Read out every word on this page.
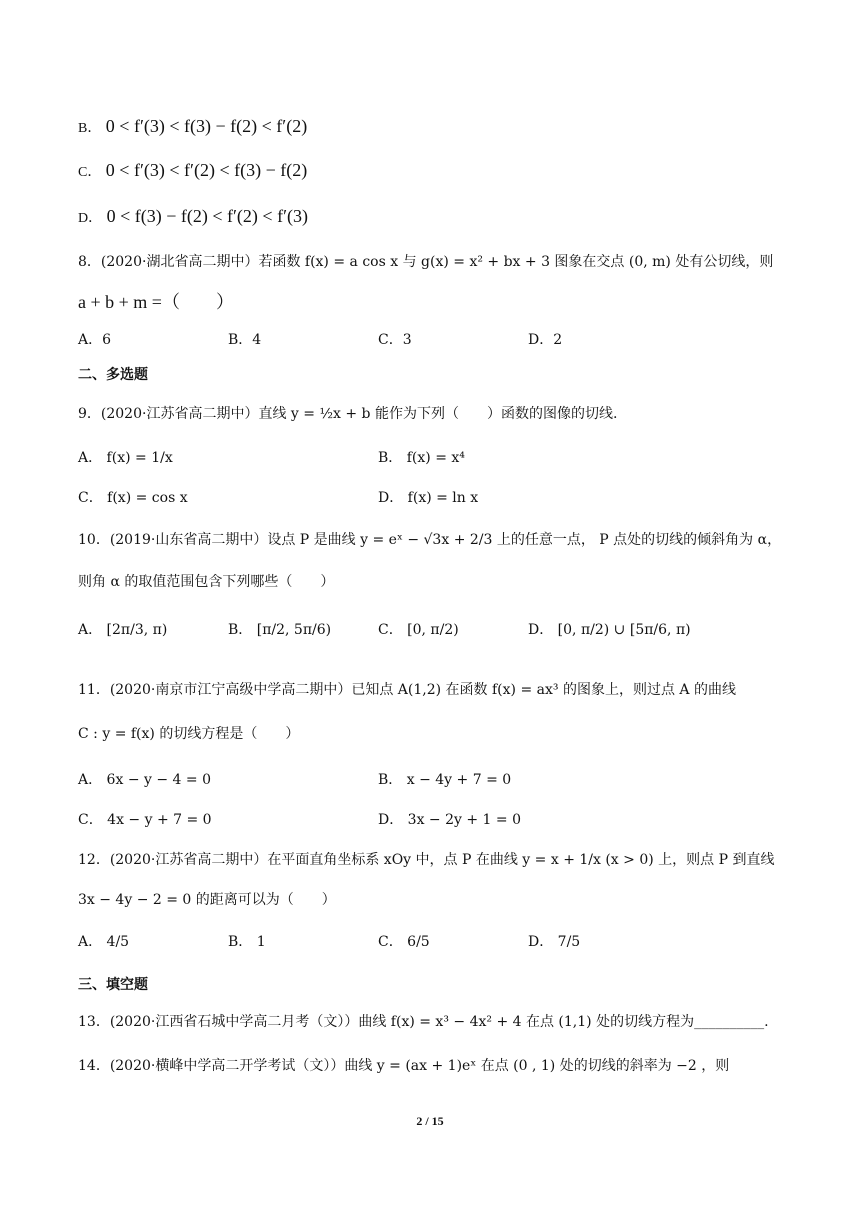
B． 0 < f′(3) < f(3) − f(2) < f′(2)
C． 0 < f′(3) < f′(2) < f(3) − f(2)
D． 0 < f(3) − f(2) < f′(2) < f′(3)
8．(2020·湖北省高二期中）若函数 f(x) = a cos x 与 g(x) = x² + bx + 3 图象在交点 (0, m) 处有公切线，则
a + b + m =（　　）
A．6	B．4	C．3	D．2
二、多选题
9．(2020·江苏省高二期中）直线 y = ½x + b 能作为下列（　　）函数的图像的切线.
A． f(x) = 1/x	B． f(x) = x⁴
C． f(x) = cos x	D． f(x) = ln x
10．(2019·山东省高二期中）设点 P 是曲线 y = eˣ − √3x + 2/3 上的任意一点， P 点处的切线的倾斜角为 α，
则角 α 的取值范围包含下列哪些（　　）
A． [2π/3, π)	B． [π/2, 5π/6)	C． [0, π/2)	D． [0, π/2) ∪ [5π/6, π)
11．(2020·南京市江宁高级中学高二期中）已知点 A(1,2) 在函数 f(x) = ax³ 的图象上，则过点 A 的曲线
C : y = f(x) 的切线方程是（　　）
A． 6x − y − 4 = 0	B． x − 4y + 7 = 0
C． 4x − y + 7 = 0	D． 3x − 2y + 1 = 0
12．(2020·江苏省高二期中）在平面直角坐标系 xOy 中，点 P 在曲线 y = x + 1/x (x > 0) 上，则点 P 到直线
3x − 4y − 2 = 0 的距离可以为（　　）
A． 4/5	B． 1	C． 6/5	D． 7/5
三、填空题
13．(2020·江西省石城中学高二月考（文））曲线 f(x) = x³ − 4x² + 4 在点 (1,1) 处的切线方程为__________.
14．(2020·横峰中学高二开学考试（文））曲线 y = (ax + 1)eˣ 在点 (0 , 1) 处的切线的斜率为 −2 ，则
2 / 15
